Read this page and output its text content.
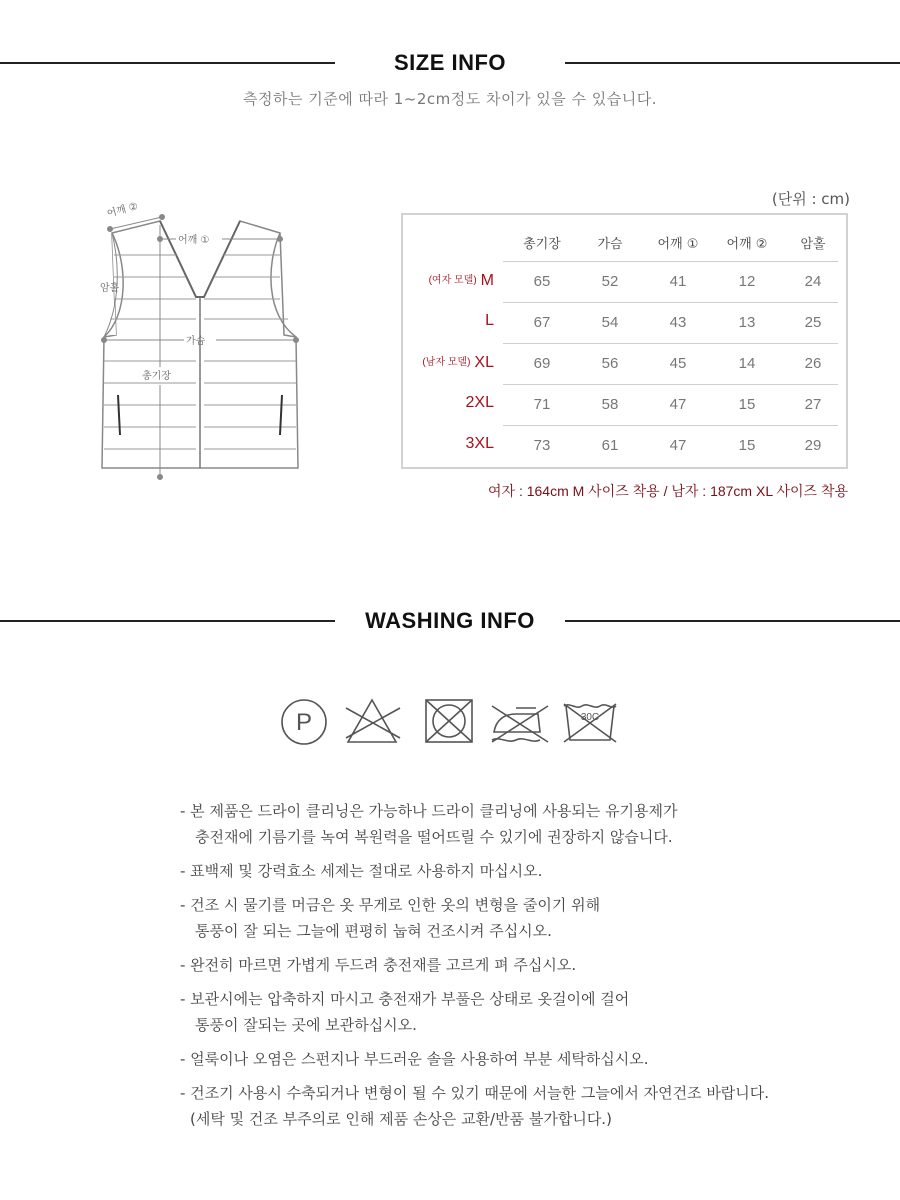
SIZE INFO
측정하는 기준에 따라 1~2cm정도 차이가 있을 수 있습니다.
어깨 ②
어깨 ①
암홀
가슴
총기장
(단위 : cm)
총기장	가슴	어깨 ①	어깨 ②	암홀
(여자 모델) M	65	52	41	12	24
L	67	54	43	13	25
(남자 모델) XL	69	56	45	14	26
2XL	71	58	47	15	27
3XL	73	61	47	15	29
여자 : 164cm M 사이즈 착용 / 남자 : 187cm XL 사이즈 착용
WASHING INFO
P	30C
- 본 제품은 드라이 클리닝은 가능하나 드라이 클리닝에 사용되는 유기용제가
충전재에 기름기를 녹여 복원력을 떨어뜨릴 수 있기에 권장하지 않습니다.
- 표백제 및 강력효소 세제는 절대로 사용하지 마십시오.
- 건조 시 물기를 머금은 옷 무게로 인한 옷의 변형을 줄이기 위해
통풍이 잘 되는 그늘에 편평히 눕혀 건조시켜 주십시오.
- 완전히 마르면 가볍게 두드려 충전재를 고르게 펴 주십시오.
- 보관시에는 압축하지 마시고 충전재가 부풀은 상태로 옷걸이에 걸어
통풍이 잘되는 곳에 보관하십시오.
- 얼룩이나 오염은 스펀지나 부드러운 솔을 사용하여 부분 세탁하십시오.
- 건조기 사용시 수축되거나 변형이 될 수 있기 때문에 서늘한 그늘에서 자연건조 바랍니다.
(세탁 및 건조 부주의로 인해 제품 손상은 교환/반품 불가합니다.)
